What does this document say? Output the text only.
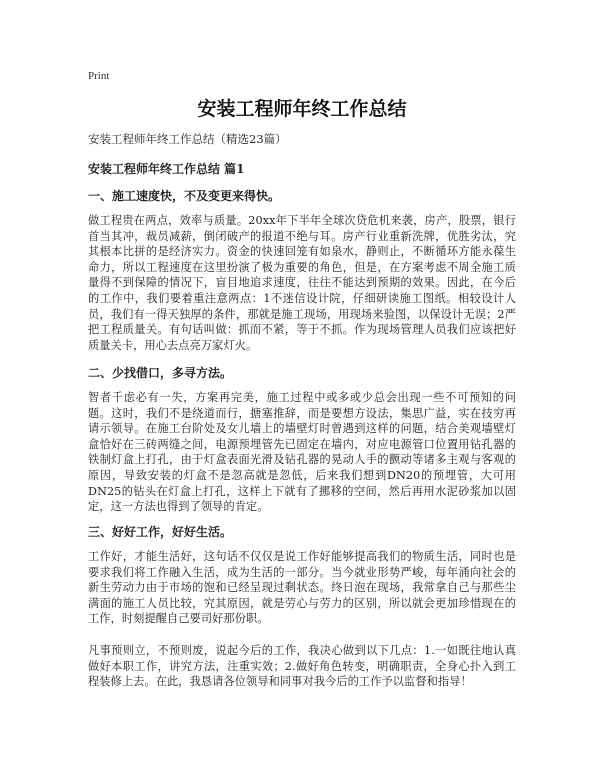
Print
安装工程师年终工作总结
安装工程师年终工作总结（精选23篇）
安装工程师年终工作总结 篇1
一、施工速度快，不及变更来得快。
做工程贵在两点，效率与质量。20xx年下半年全球次贷危机来袭，房产，股票，银行首当其冲，裁员减薪，倒闭破产的报道不绝与耳。房产行业重新洗牌，优胜劣汰，究其根本比拼的是经济实力。资金的快速回笼有如泉水，静则止，不断循环方能永葆生命力，所以工程速度在这里扮演了极为重要的角色，但是，在方案考虑不周全施工质量得不到保障的情况下，盲目地追求速度，往往不能达到预期的效果。因此，在今后的工作中，我们要着重注意两点：1不迷信设计院，仔细研读施工图纸。相较设计人员，我们有一得天独厚的条件，那就是施工现场，用现场来验图，以保设计无误；2严把工程质量关。有句话叫做：抓而不紧，等于不抓。作为现场管理人员我们应该把好质量关卡，用心去点亮万家灯火。
二、少找借口，多寻方法。
智者千虑必有一失，方案再完美，施工过程中或多或少总会出现一些不可预知的问题。这时，我们不是绕道而行，搪塞推辞，而是要想方设法，集思广益，实在技穷再请示领导。在施工台阶处及女儿墙上的墙壁灯时曾遇到这样的问题，结合美观墙壁灯盒恰好在三砖两缝之间，电源预埋管先已固定在墙内，对应电源管口位置用钻孔器的铁制灯盒上打孔，由于灯盒表面光滑及钻孔器的晃动人手的颤动等诸多主观与客观的原因，导致安装的灯盒不是忽高就是忽低，后来我们想到DN20的预埋管，大可用DN25的钻头在灯盒上打孔，这样上下就有了挪移的空间，然后再用水泥砂浆加以固定，这一方法也得到了领导的肯定。
三、好好工作，好好生活。
工作好，才能生活好，这句话不仅仅是说工作好能够提高我们的物质生活，同时也是要求我们将工作融入生活，成为生活的一部分。当今就业形势严峻，每年涌向社会的新生劳动力由于市场的饱和已经呈现过剩状态。终日泡在现场，我常拿自己与那些尘满面的施工人员比较，究其原因，就是劳心与劳力的区别，所以就会更加珍惜现在的工作，时刻提醒自己要司好那份职。
凡事预则立，不预则废，说起今后的工作，我决心做到以下几点：1.一如既往地认真做好本职工作，讲究方法，注重实效；2.做好角色转变，明确职责，全身心扑入到工程装修上去。在此，我恳请各位领导和同事对我今后的工作予以监督和指导！
